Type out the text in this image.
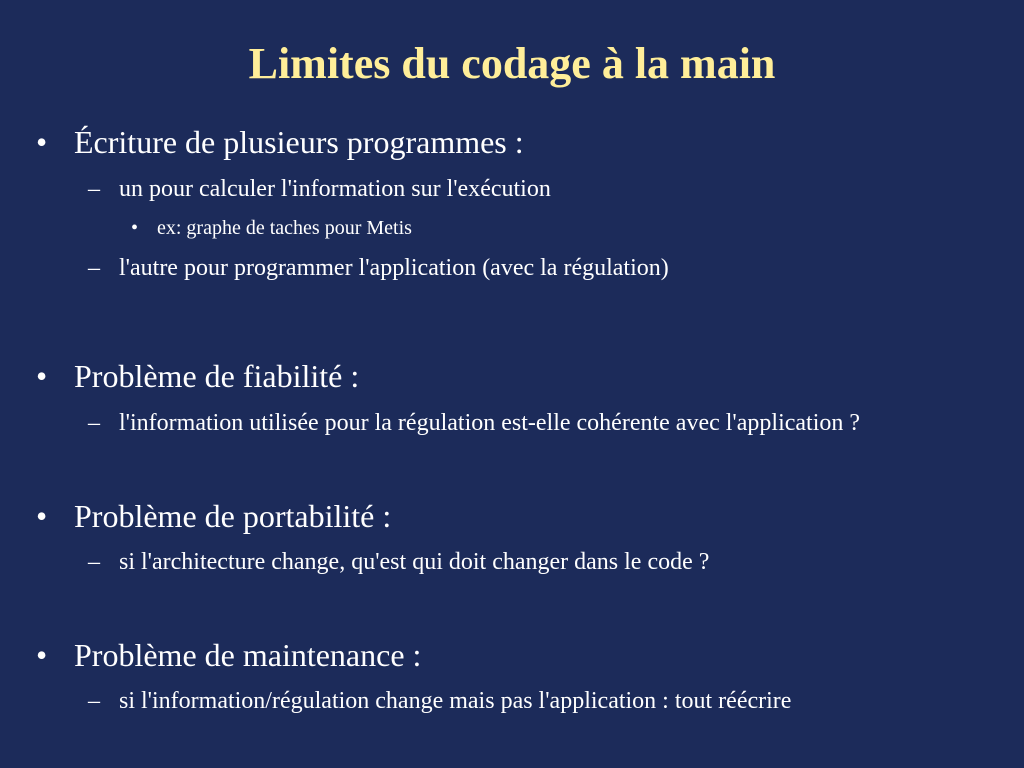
Limites du codage à la main
• Écriture de plusieurs programmes :
– un pour calculer l'information sur l'exécution
• ex: graphe de taches pour Metis
– l'autre pour programmer l'application (avec la régulation)
• Problème de fiabilité :
– l'information utilisée pour la régulation est-elle cohérente avec l'application ?
• Problème de portabilité :
– si l'architecture change, qu'est qui doit changer dans le code ?
• Problème de maintenance :
– si l'information/régulation change mais pas l'application : tout réécrire
